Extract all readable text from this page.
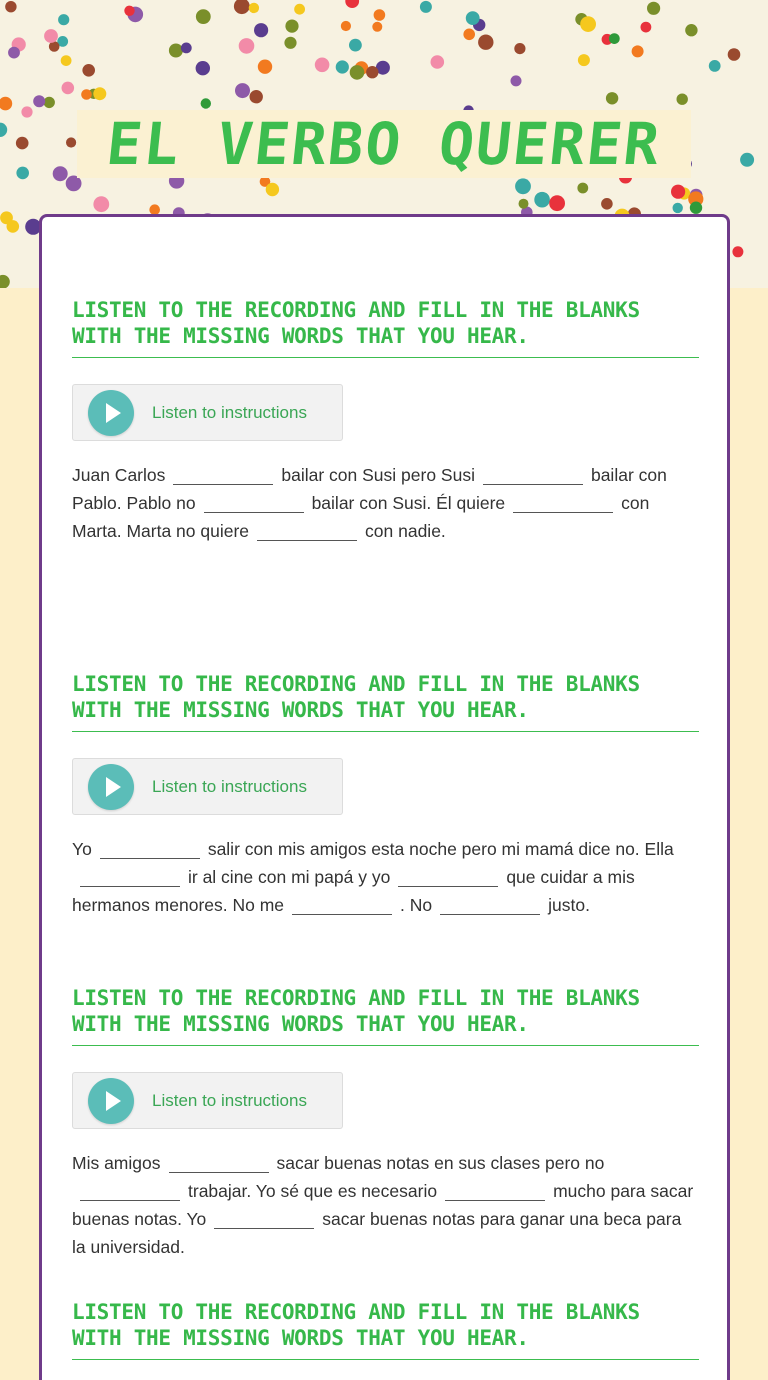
EL VERBO QUERER
LISTEN TO THE RECORDING AND FILL IN THE BLANKS WITH THE MISSING WORDS THAT YOU HEAR.
Listen to instructions

Juan Carlos	bailar con Susi pero Susi	bailar con Pablo. Pablo no	bailar con Susi. Él quiere	con Marta. Marta no quiere	con nadie.

LISTEN TO THE RECORDING AND FILL IN THE BLANKS WITH THE MISSING WORDS THAT YOU HEAR.
Listen to instructions

Yo	salir con mis amigos esta noche pero mi mamá dice no. Ellair al cine con mi papá y yo	que cuidar a mis hermanos menores. No me	. No	justo.

LISTEN TO THE RECORDING AND FILL IN THE BLANKS WITH THE MISSING WORDS THAT YOU HEAR.
Listen to instructions

Mis amigos	sacar buenas notas en sus clases pero notrabajar. Yo sé que es necesario	mucho para sacar buenas notas. Yo	sacar buenas notas para ganar una beca para la universidad.

LISTEN TO THE RECORDING AND FILL IN THE BLANKS WITH THE MISSING WORDS THAT YOU HEAR.
